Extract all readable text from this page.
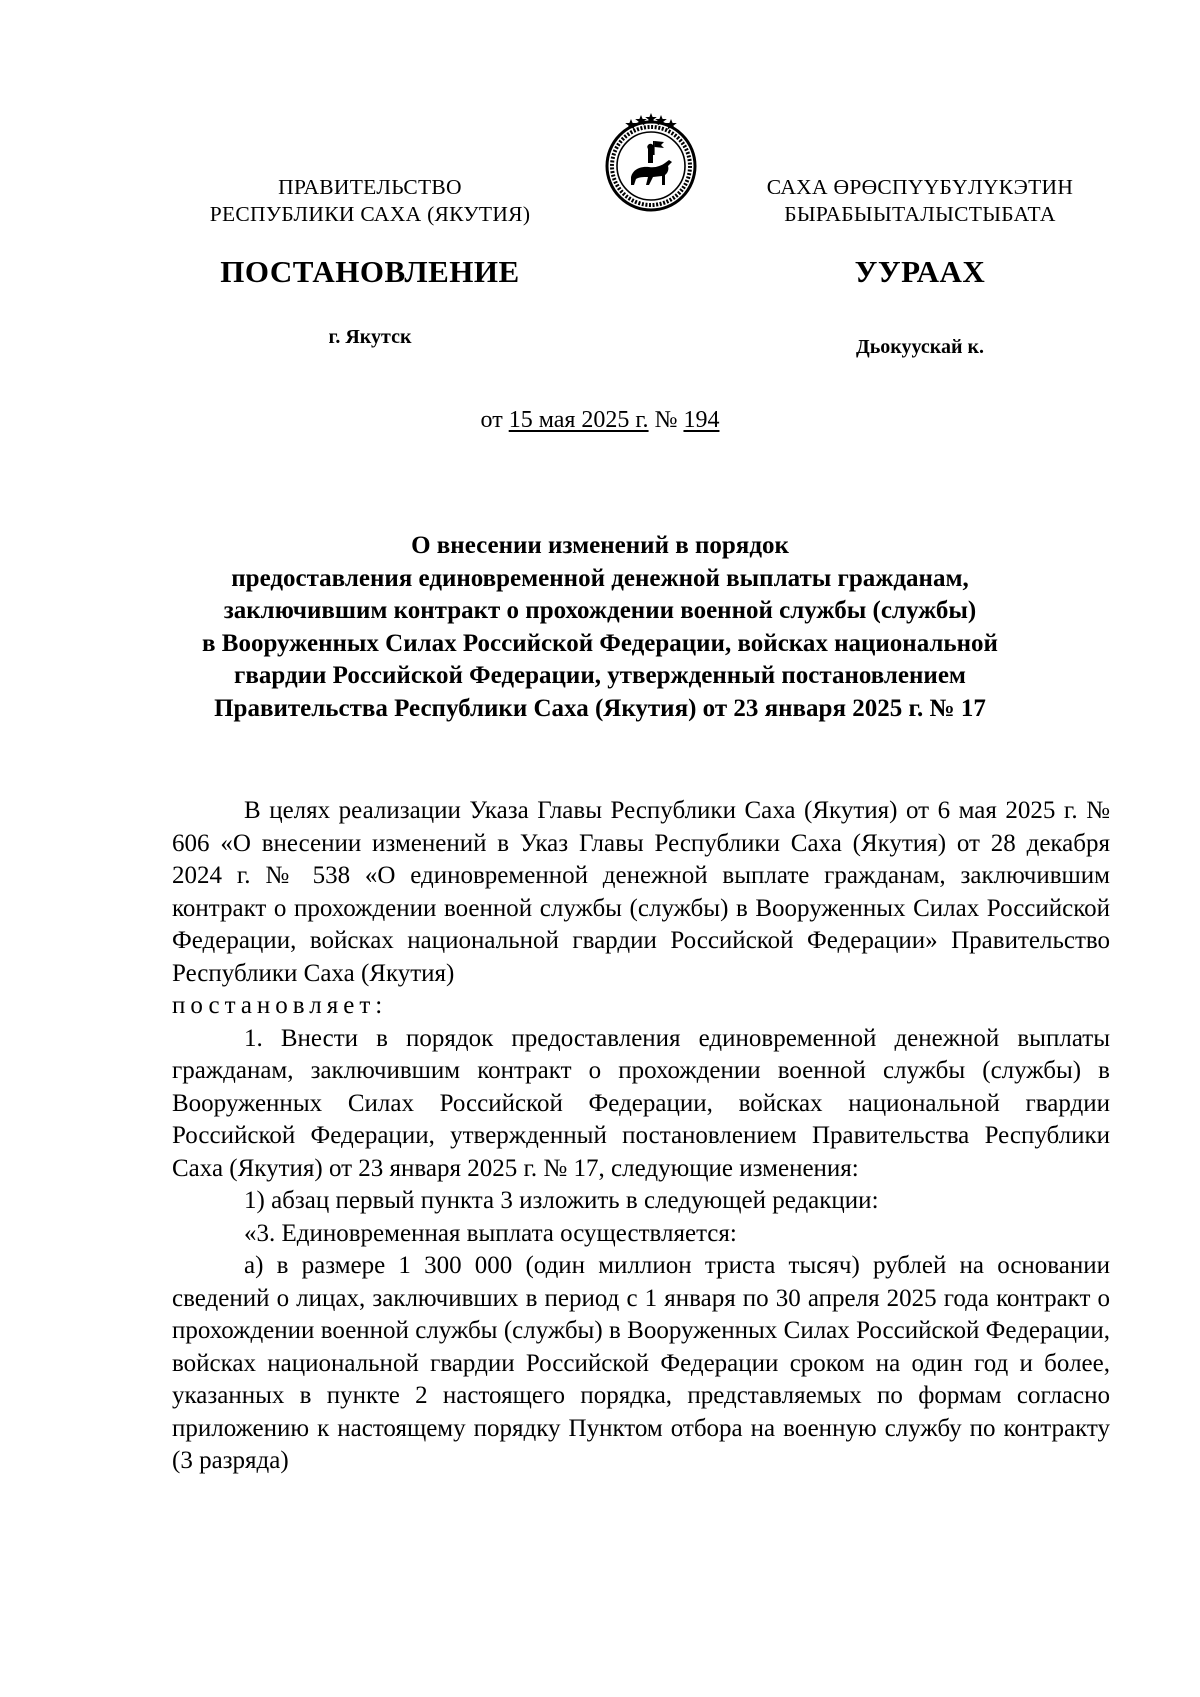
ПРАВИТЕЛЬСТВО
РЕСПУБЛИКИ САХА (ЯКУТИЯ)
САХА ӨРӨСПҮҮБҮЛҮКЭТИН
БЫРАБЫЫТАЛЫСТЫБАТА
ПОСТАНОВЛЕНИЕ	УУРААХ
г. Якутск	Дьокуускай к.
от 15 мая 2025 г. № 194
О внесении изменений в порядок
предоставления единовременной денежной выплаты гражданам,
заключившим контракт о прохождении военной службы (службы)
в Вооруженных Силах Российской Федерации, войсках национальной
гвардии Российской Федерации, утвержденный постановлением
Правительства Республики Саха (Якутия) от 23 января 2025 г. № 17

В целях реализации Указа Главы Республики Саха (Якутия) от 6 мая 2025 г. № 606 «О внесении изменений в Указ Главы Республики Саха (Якутия) от 28 декабря 2024 г. № 538 «О единовременной денежной выплате гражданам, заключившим контракт о прохождении военной службы (службы) в Вооруженных Силах Российской Федерации, войсках национальной гвардии Российской Федерации» Правительство Республики Саха (Якутия)

постановляет:

1. Внести в порядок предоставления единовременной денежной выплаты гражданам, заключившим контракт о прохождении военной службы (службы) в Вооруженных Силах Российской Федерации, войсках национальной гвардии Российской Федерации, утвержденный постановлением Правительства Республики Саха (Якутия) от 23 января 2025 г. № 17, следующие изменения:

1) абзац первый пункта 3 изложить в следующей редакции:

«3. Единовременная выплата осуществляется:

а) в размере 1 300 000 (один миллион триста тысяч) рублей на основании сведений о лицах, заключивших в период с 1 января по 30 апреля 2025 года контракт о прохождении военной службы (службы) в Вооруженных Силах Российской Федерации, войсках национальной гвардии Российской Федерации сроком на один год и более, указанных в пункте 2 настоящего порядка, представляемых по формам согласно приложению к настоящему порядку Пунктом отбора на военную службу по контракту (3 разряда)
